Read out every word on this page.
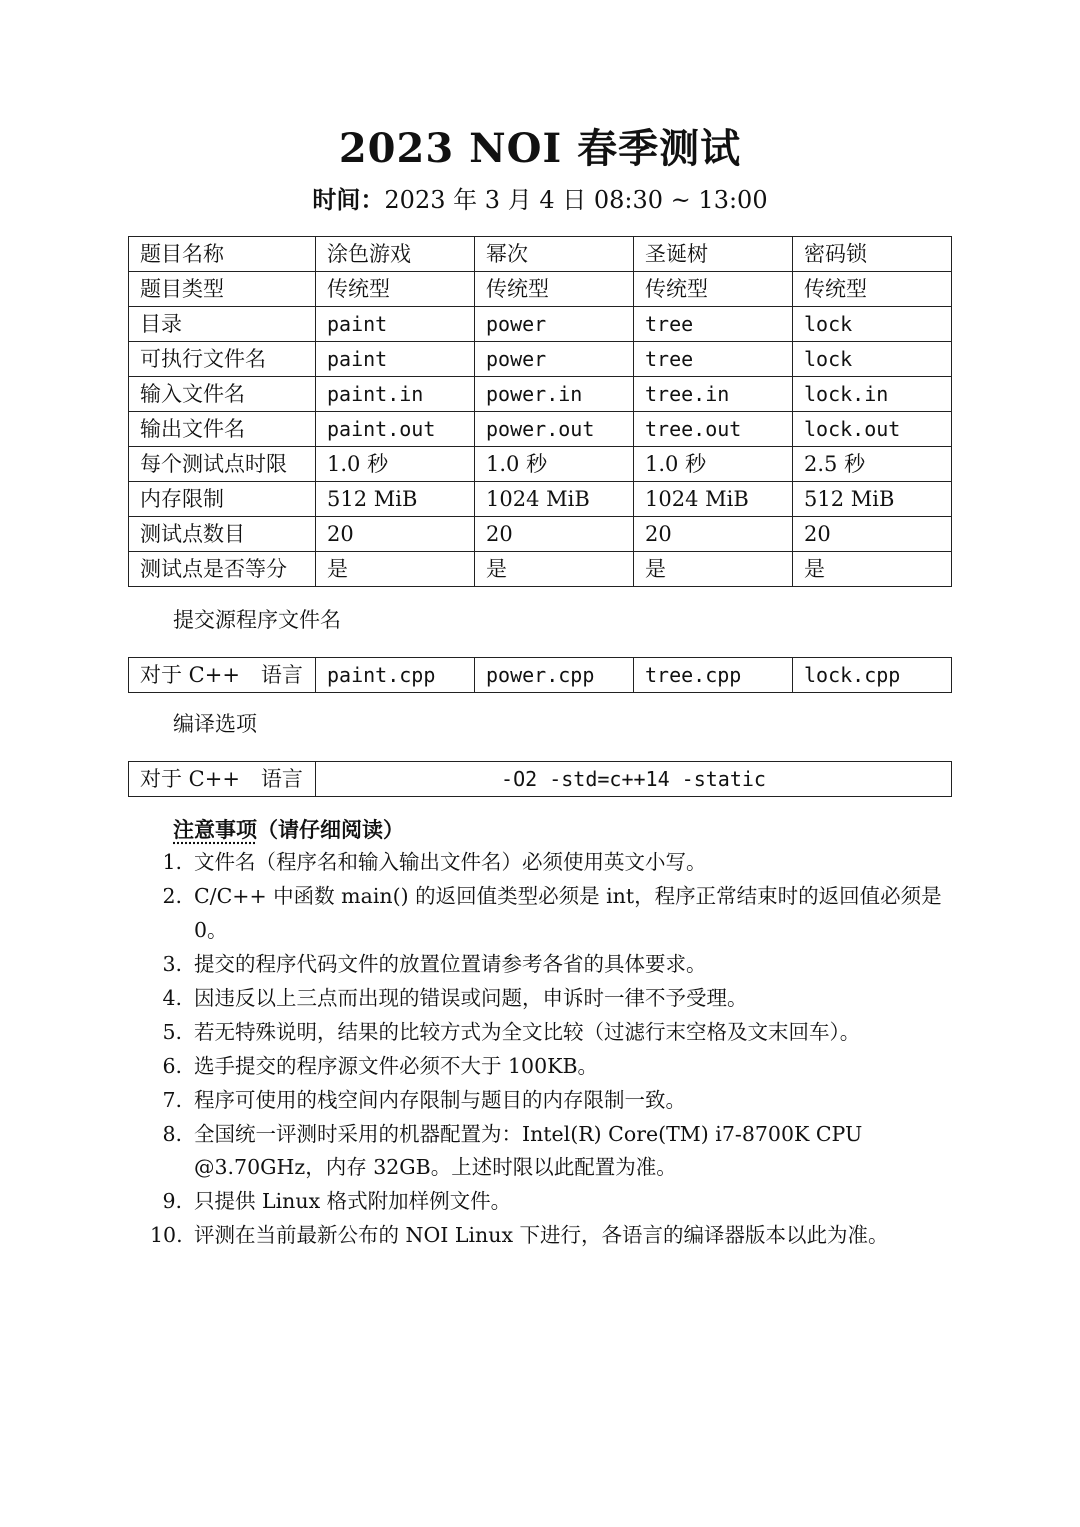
2023 NOI 春季测试
时间：2023 年 3 月 4 日 08:30 ~ 13:00
题目名称	涂色游戏	幂次	圣诞树	密码锁
题目类型	传统型	传统型	传统型	传统型
目录	paint	power	tree	lock
可执行文件名	paint	power	tree	lock
输入文件名	paint.in	power.in	tree.in	lock.in
输出文件名	paint.out	power.out	tree.out	lock.out
每个测试点时限	1.0 秒	1.0 秒	1.0 秒	2.5 秒
内存限制	512 MiB	1024 MiB	1024 MiB	512 MiB
测试点数目	20	20	20	20
测试点是否等分	是	是	是	是
提交源程序文件名
对于 C++　语言	paint.cpp	power.cpp	tree.cpp	lock.cpp
编译选项
对于 C++　语言	-O2 -std=c++14 -static
注意事项（请仔细阅读）
1. 文件名（程序名和输入输出文件名）必须使用英文小写。
2. C/C++ 中函数 main() 的返回值类型必须是 int，程序正常结束时的返回值必须是 0。
3. 提交的程序代码文件的放置位置请参考各省的具体要求。
4. 因违反以上三点而出现的错误或问题，申诉时一律不予受理。
5. 若无特殊说明，结果的比较方式为全文比较（过滤行末空格及文末回车）。
6. 选手提交的程序源文件必须不大于 100KB。
7. 程序可使用的栈空间内存限制与题目的内存限制一致。
8. 全国统一评测时采用的机器配置为：Intel(R) Core(TM) i7-8700K CPU @3.70GHz，内存 32GB。上述时限以此配置为准。
9. 只提供 Linux 格式附加样例文件。
10. 评测在当前最新公布的 NOI Linux 下进行，各语言的编译器版本以此为准。
